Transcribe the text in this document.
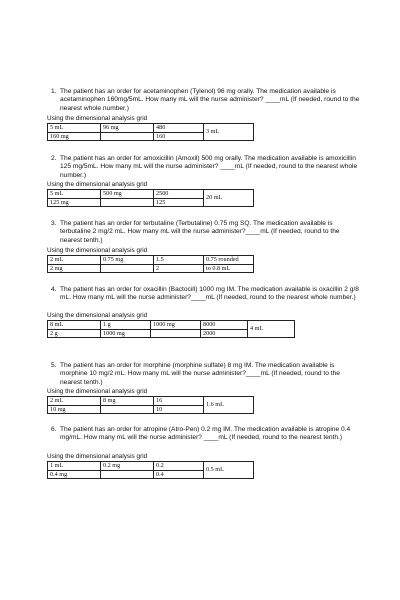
1. The patient has an order for acetaminophen (Tylenol) 96 mg orally. The medication available is acetaminophen 160mg/5mL. How many mL will the nurse administer? ____mL (If needed, round to the nearest whole number.)

Using the dimensional analysis grid

5 mL	96 mg	480	3 mL
160 mg		160	

2. The patient has an order for amoxicillin (Amoxil) 500 mg orally. The medication available is amoxicillin 125 mg/5mL. How many mL will the nurse administer? ____mL (If needed, round to the nearest whole number.)

Using the dimensional analysis grid

5 mL	500 mg	2500	20 mL
125 mg		125	

3. The patient has an order for terbutaline (Terbutaline) 0.75 mg SQ. The medication available is terbutaline 2 mg/2 mL. How many mL will the nurse administer?____mL (If needed, round to the nearest tenth.)

Using the dimensional analysis grid

2 mL	0.75 mg	1.5	0.75 rounded
2 mg		2	to 0.8 mL

4. The patient has an order for oxacillin (Bactocill) 1000 mg IM. The medication available is oxacillin 2 g/8 mL. How many mL will the nurse administer?____mL (If needed, round to the nearest whole number.)

Using the dimensional analysis grid

8 mL	1 g	1000 mg	8000	4 mL
2 g	1000 mg		2000	

5. The patient has an order for morphine (morphine sulfate) 8 mg IM. The medication available is morphine 10 mg/2 mL. How many mL will the nurse administer?____mL (If needed, round to the nearest tenth.)

Using the dimensional analysis grid

2 mL	8 mg	16	1.6 mL
10 mg		10	

6. The patient has an order for atropine (Atro-Pen) 0.2 mg IM. The medication available is atropine 0.4 mg/mL. How many mL will the nurse administer? ____mL (If needed, round to the nearest tenth.)

Using the dimensional analysis grid

1 mL	0.2 mg	0.2	0.5 mL
0.4 mg		0.4	
